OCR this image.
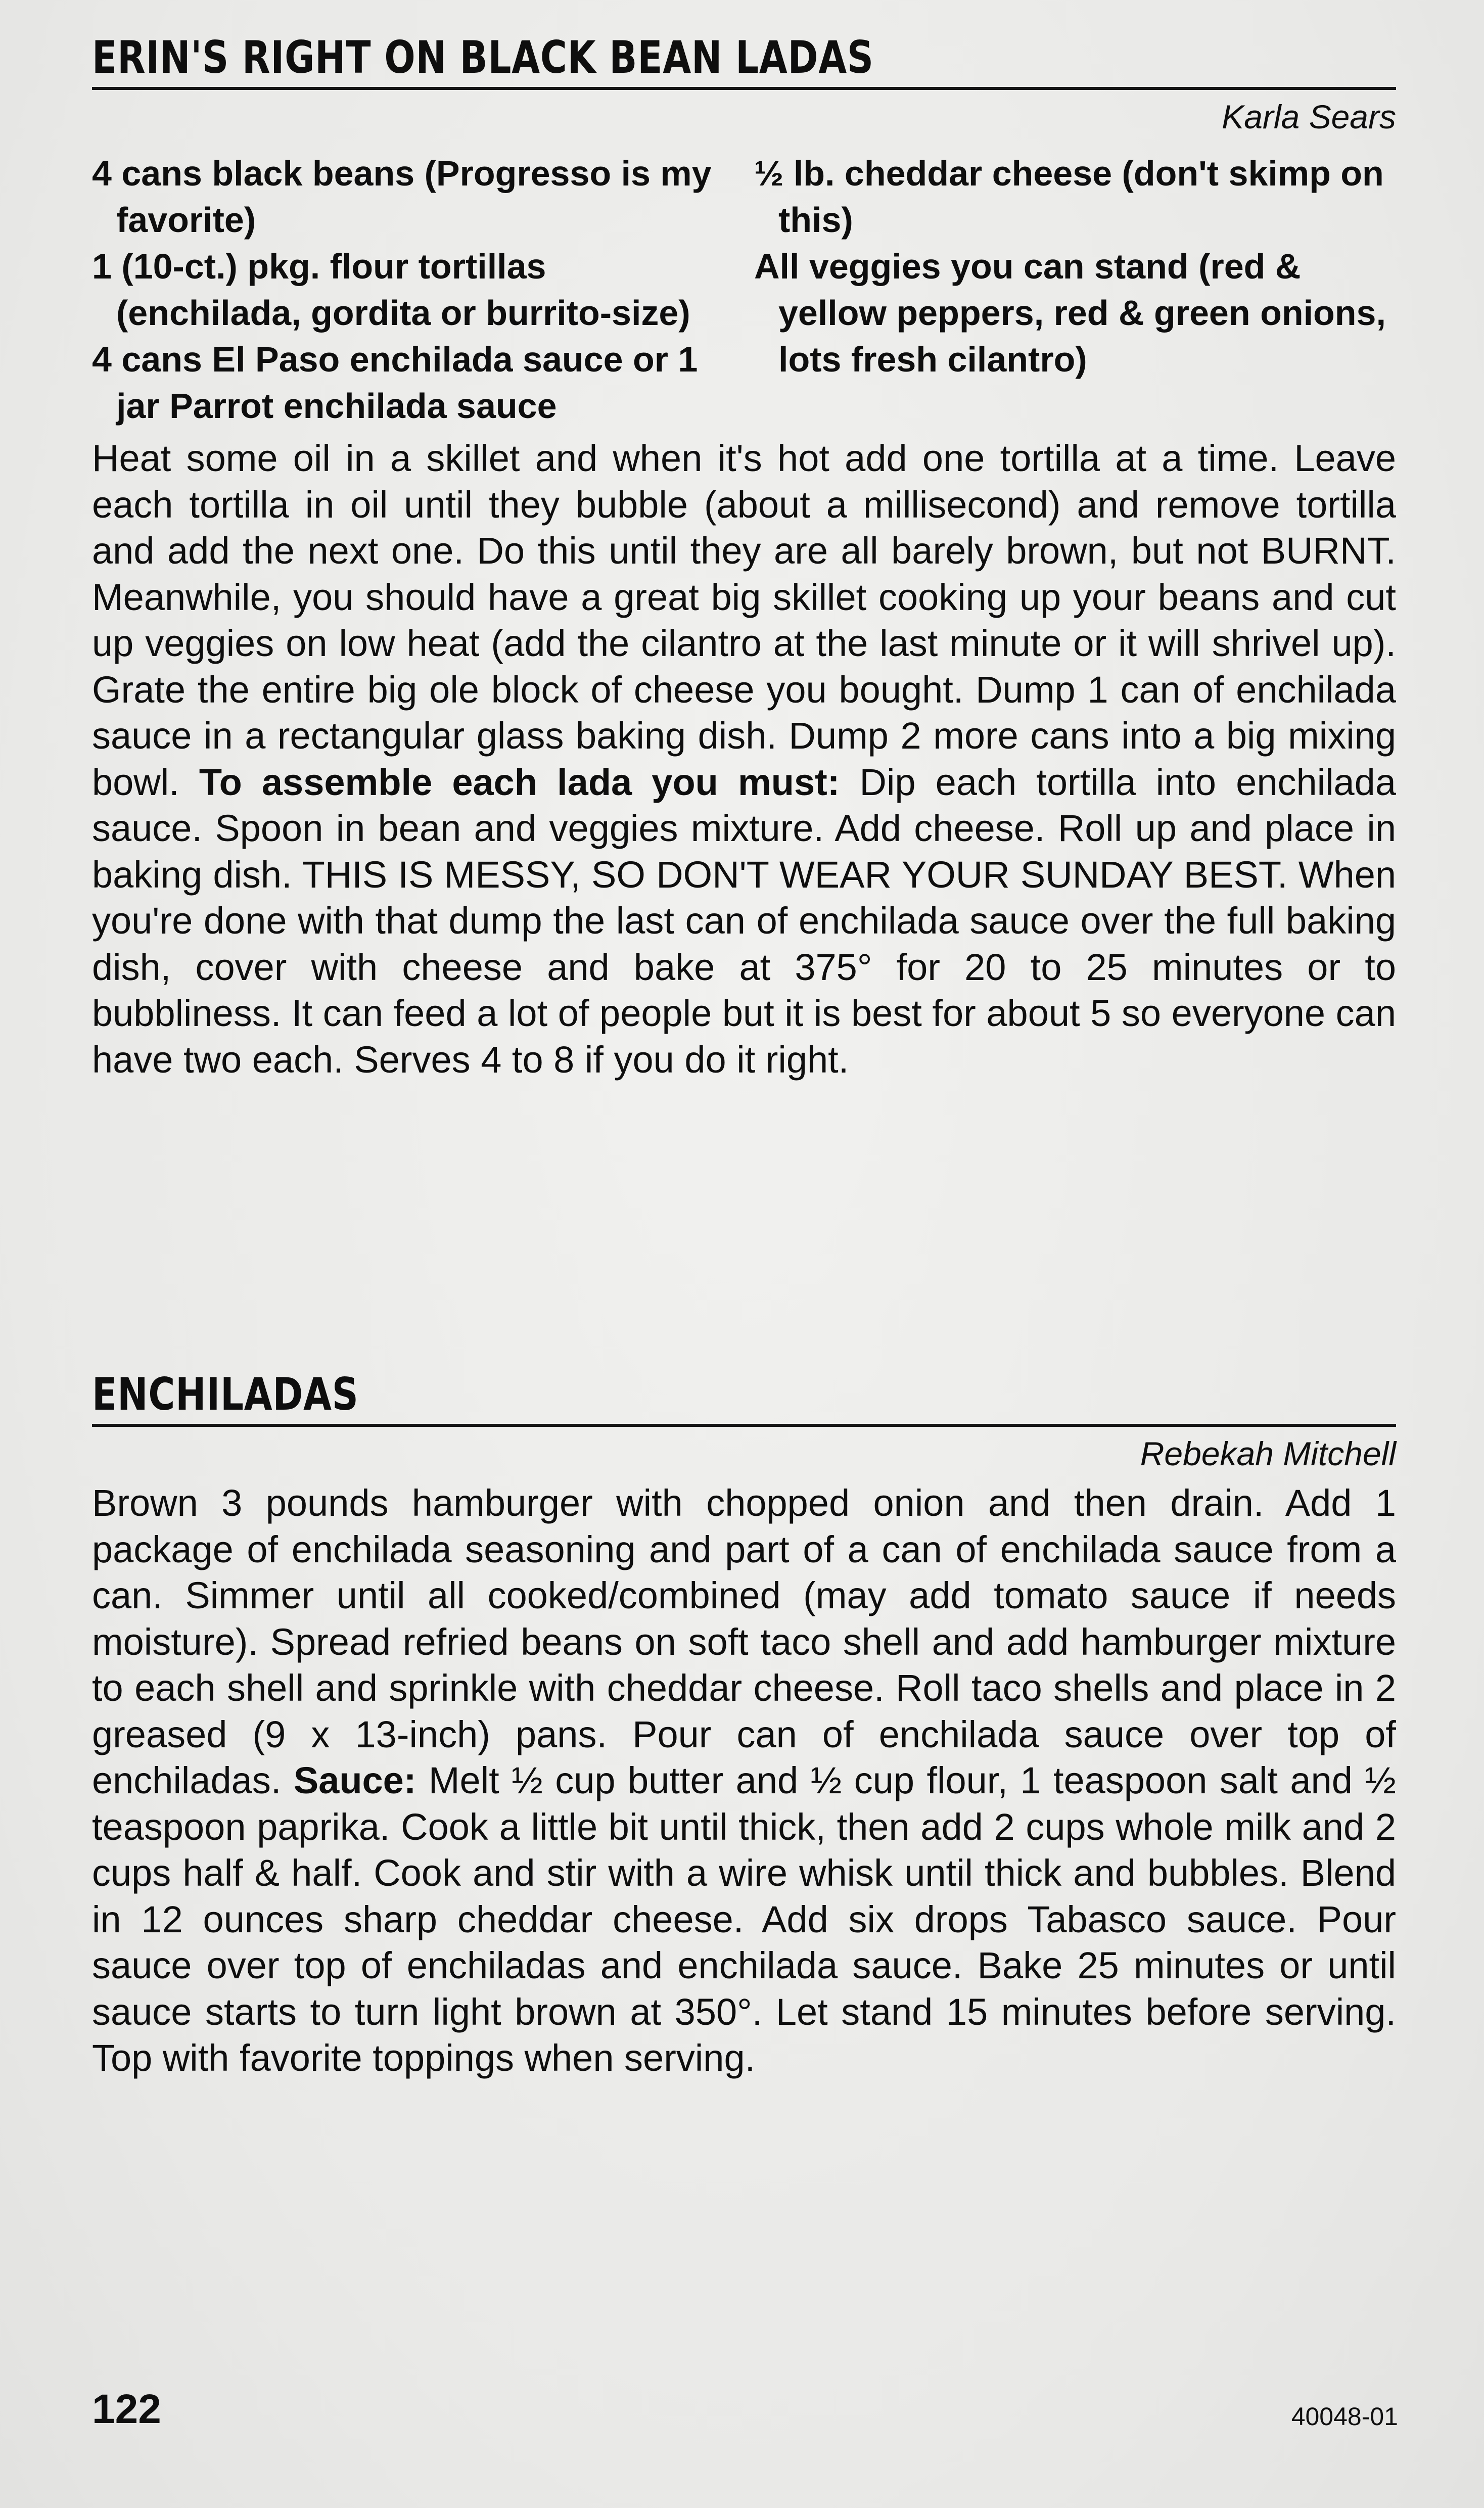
ERIN'S RIGHT ON BLACK BEAN LADAS
Karla Sears
4 cans black beans (Progresso is my favorite)
1 (10-ct.) pkg. flour tortillas (enchilada, gordita or burrito-size)
4 cans El Paso enchilada sauce or 1 jar Parrot enchilada sauce
½ lb. cheddar cheese (don't skimp on this)
All veggies you can stand (red & yellow peppers, red & green onions, lots fresh cilantro)

Heat some oil in a skillet and when it's hot add one tortilla at a time. Leave each tortilla in oil until they bubble (about a millisecond) and remove tortilla and add the next one. Do this until they are all barely brown, but not BURNT. Meanwhile, you should have a great big skillet cooking up your beans and cut up veggies on low heat (add the cilantro at the last minute or it will shrivel up). Grate the entire big ole block of cheese you bought. Dump 1 can of enchilada sauce in a rectangular glass baking dish. Dump 2 more cans into a big mixing bowl. To assemble each lada you must: Dip each tortilla into enchilada sauce. Spoon in bean and veggies mixture. Add cheese. Roll up and place in baking dish. THIS IS MESSY, SO DON'T WEAR YOUR SUNDAY BEST. When you're done with that dump the last can of enchilada sauce over the full baking dish, cover with cheese and bake at 375° for 20 to 25 minutes or to bubbliness. It can feed a lot of people but it is best for about 5 so everyone can have two each. Serves 4 to 8 if you do it right.

ENCHILADAS
Rebekah Mitchell

Brown 3 pounds hamburger with chopped onion and then drain. Add 1 package of enchilada seasoning and part of a can of enchilada sauce from a can. Simmer until all cooked/combined (may add tomato sauce if needs moisture). Spread refried beans on soft taco shell and add hamburger mixture to each shell and sprinkle with cheddar cheese. Roll taco shells and place in 2 greased (9 x 13-inch) pans. Pour can of enchilada sauce over top of enchiladas. Sauce: Melt ½ cup butter and ½ cup flour, 1 teaspoon salt and ½ teaspoon paprika. Cook a little bit until thick, then add 2 cups whole milk and 2 cups half & half. Cook and stir with a wire whisk until thick and bubbles. Blend in 12 ounces sharp cheddar cheese. Add six drops Tabasco sauce. Pour sauce over top of enchiladas and enchilada sauce. Bake 25 minutes or until sauce starts to turn light brown at 350°. Let stand 15 minutes before serving. Top with favorite toppings when serving.

122	40048-01
